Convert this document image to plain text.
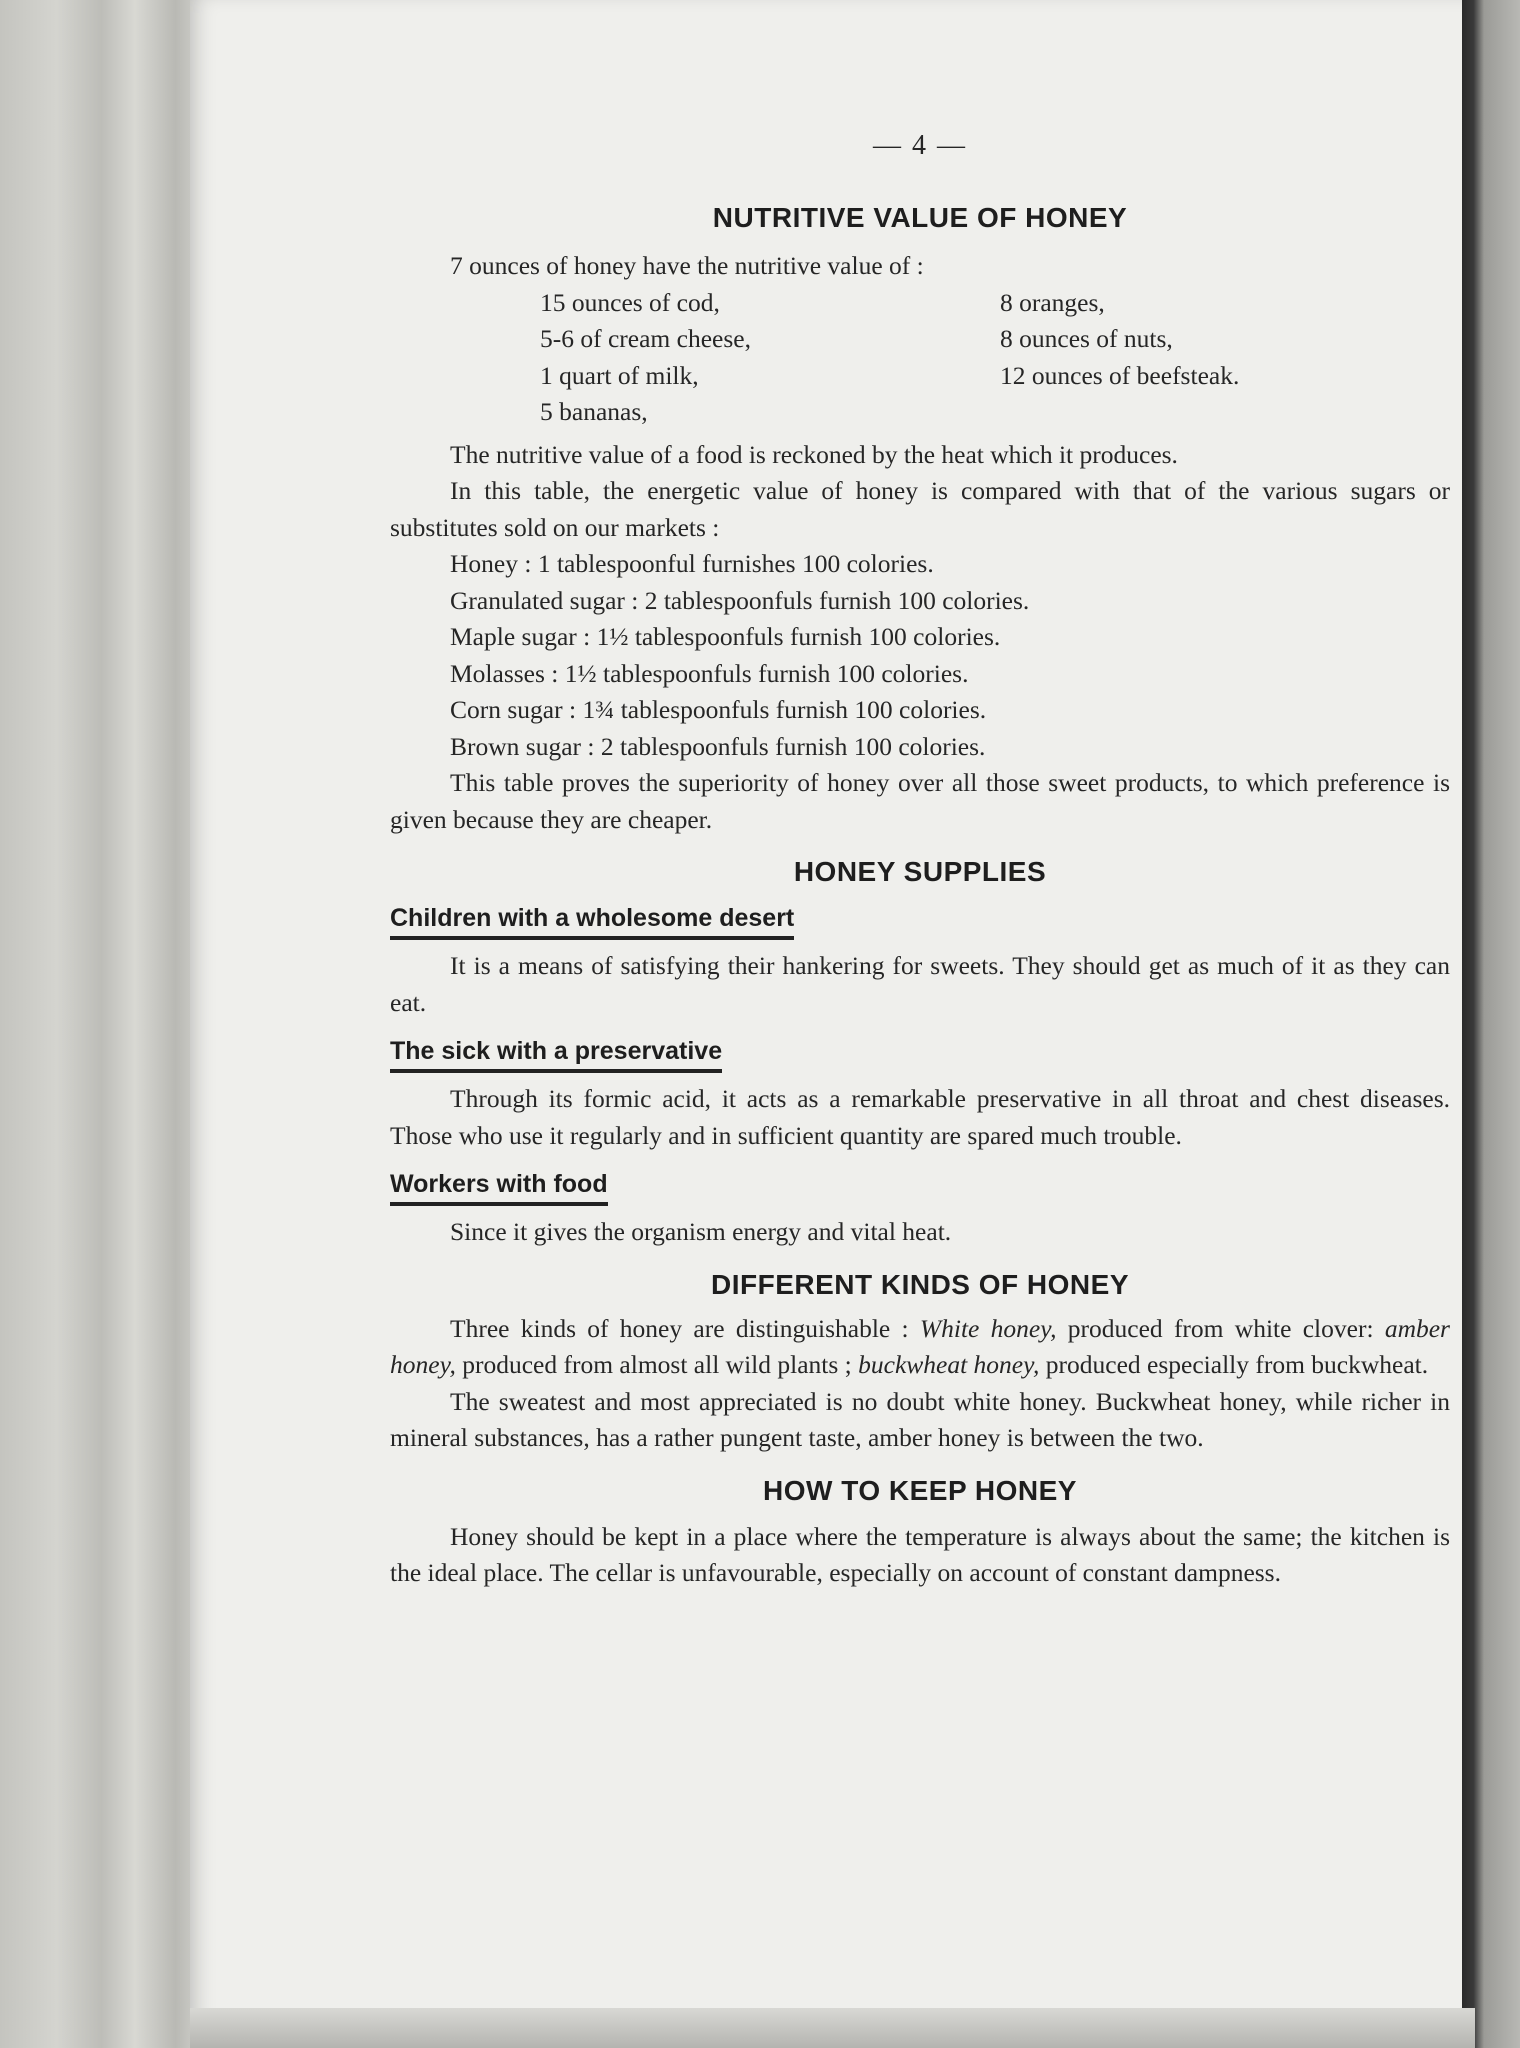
— 4 —
NUTRITIVE VALUE OF HONEY
7 ounces of honey have the nutritive value of :
15 ounces of cod,	8 oranges,
5-6 of cream cheese,	8 ounces of nuts,
1 quart of milk,	12 ounces of beefsteak.
5 bananas,

The nutritive value of a food is reckoned by the heat which it produces.

In this table, the energetic value of honey is compared with that of the various sugars or substitutes sold on our markets :

Honey : 1 tablespoonful furnishes 100 colories.
Granulated sugar : 2 tablespoonfuls furnish 100 colories.
Maple sugar : 1½ tablespoonfuls furnish 100 colories.
Molasses : 1½ tablespoonfuls furnish 100 colories.
Corn sugar : 1¾ tablespoonfuls furnish 100 colories.
Brown sugar : 2 tablespoonfuls furnish 100 colories.

This table proves the superiority of honey over all those sweet products, to which preference is given because they are cheaper.

HONEY SUPPLIES
Children with a wholesome desert

It is a means of satisfying their hankering for sweets. They should get as much of it as they can eat.

The sick with a preservative

Through its formic acid, it acts as a remarkable preservative in all throat and chest diseases. Those who use it regularly and in sufficient quantity are spared much trouble.

Workers with food

Since it gives the organism energy and vital heat.

DIFFERENT KINDS OF HONEY

Three kinds of honey are distinguishable : White honey, produced from white clover: amber honey, produced from almost all wild plants ; buckwheat honey, produced especially from buckwheat.

The sweatest and most appreciated is no doubt white honey. Buckwheat honey, while richer in mineral substances, has a rather pungent taste, amber honey is between the two.

HOW TO KEEP HONEY

Honey should be kept in a place where the temperature is always about the same; the kitchen is the ideal place. The cellar is unfavourable, especially on account of constant dampness.
